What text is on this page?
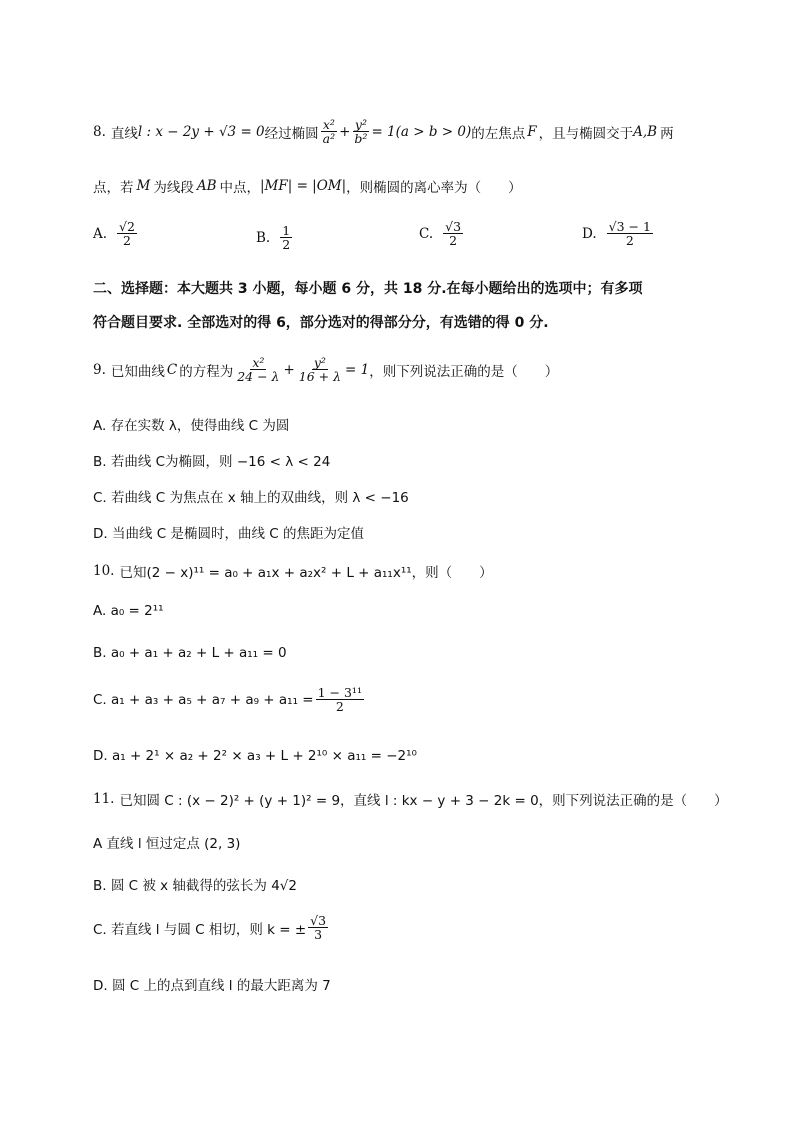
8. 直线 l : x − 2y + √3 = 0 经过椭圆 $\frac{\text{x²}}{\text{a²}} + \frac{\text{y²}}{\text{b²}} = 1(a > b > 0)$ 的左焦点 F ，且与椭圆交于 A,B 两
点，若 M 为线段 AB 中点， |MF| = |OM| ，则椭圆的离心率为（　　）
A. $\frac{√2}{2}$	B. $\frac{1}{2}$	C. $\frac{√3}{2}$	D. $\frac{√3 - 1}{2}$
二、选择题：本大题共 3 小题，每小题 6 分，共 18 分.在每小题给出的选项中；有多项
符合题目要求. 全部选对的得 6，部分选对的得部分分，有选错的得 0 分.
9. 已知曲线 C 的方程为 $\frac{\text{x²}}{24 - \lambda} + \frac{\text{y²}}{16 + \lambda} = 1$ ，则下列说法正确的是（　　）
A. 存在实数 λ，使得曲线 C 为圆
B. 若曲线 C为椭圆，则 −16 < λ < 24
C. 若曲线 C 为焦点在 x 轴上的双曲线，则 λ < −16
D. 当曲线 C 是椭圆时，曲线 C 的焦距为定值
10. 已知(2 − x)¹¹ = a₀ + a₁x + a₂x² + L + a₁₁x¹¹，则（　　）
A. a₀ = 2¹¹
B. a₀ + a₁ + a₂ + L + a₁₁ = 0
C. $a_1 + a_3 + a_5 + a_7 + a_9 + a_{11} = \frac{\text{1 − 3¹¹}}{2}$
D. a₁ + 2¹ × a₂ + 2² × a₃ + L + 2¹⁰ × a₁₁ = −2¹⁰
11. 已知圆 C : (x − 2)² + (y + 1)² = 9，直线 l : kx − y + 3 − 2k = 0，则下列说法正确的是（　　）
A 直线 l 恒过定点 (2, 3)
B. 圆 C 被 x 轴截得的弦长为 4√2
C. 若直线 l 与圆 C 相切，则 k = ± $\frac{√3}{3}$
D. 圆 C 上的点到直线 l 的最大距离为 7
